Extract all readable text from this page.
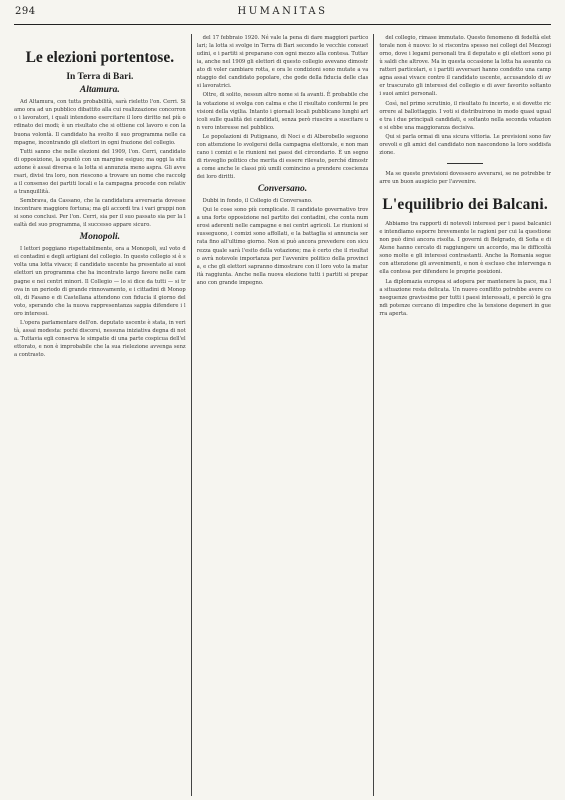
294	HUMANITAS
Le elezioni portentose.
In Terra di Bari.
Altamura.

Ad Altamura, con tutta probabilità, sarà rieletto l'on. Cerri. Siamo ora ad un pubblico dibattito alla cui realizzazione concorrono i lavoratori, i quali intendono esercitare il loro diritto nel più ordinato dei modi; è un risultato che si ottiene col lavoro e con la buona volontà. Il candidato ha svolto il suo programma nelle campagne, incontrando gli elettori in ogni frazione del collegio.

Tutti sanno che nelle elezioni del 1909, l'on. Cerri, candidato di opposizione, la spuntò con un margine esiguo; ma oggi la situazione è assai diversa e la lotta si annunzia meno aspra. Gli avversari, divisi tra loro, non riescono a trovare un nome che raccolga il consenso dei partiti locali e la campagna procede con relativa tranquillità.

Sembrava, da Cassano, che la candidatura avversaria dovesse incontrare maggiore fortuna; ma gli accordi tra i vari gruppi non si sono conclusi. Per l'on. Cerri, sia per il suo passato sia per la lealtà del suo programma, il successo appare sicuro.

Monopoli.

I lettori poggiano rispettabilmente, ora a Monopoli, sul voto dei contadini e degli artigiani del collegio. In questo collegio si è svolta una lotta vivace; il candidato uscente ha presentato ai suoi elettori un programma che ha incontrato largo favore nelle campagne e nei centri minori. Il Collegio — lo si dice da tutti — si trova in un periodo di grande rinnovamento, e i cittadini di Monopoli, di Fasano e di Castellana attendono con fiducia il giorno del voto, sperando che la nuova rappresentanza sappia difendere i loro interessi.

L'opera parlamentare dell'on. deputato uscente è stata, in verità, assai modesta: pochi discorsi, nessuna iniziativa degna di nota. Tuttavia egli conserva le simpatie di una parte cospicua dell'elettorato, e non è improbabile che la sua rielezione avvenga senza contrasto.

del 17 febbraio 1920. Né vale la pena di dare maggiori particolari; la lotta si svolge in Terra di Bari secondo le vecchie consuetudini, e i partiti si preparano con ogni mezzo alla contesa. Tuttavia, anche nel 1909 gli elettori di questo collegio avevano dimostrato di voler cambiare rotta, e ora le condizioni sono mutate a vantaggio del candidato popolare, che gode della fiducia delle classi lavoratrici.

Oltre, di solito, nessun altro nome si fa avanti. È probabile che la votazione si svolga con calma e che il risultato confermi le previsioni della vigilia. Intanto i giornali locali pubblicano lunghi articoli sulle qualità dei candidati, senza però riuscire a suscitare un vero interesse nel pubblico.

Le popolazioni di Putignano, di Noci e di Alberobello seguono con attenzione lo svolgersi della campagna elettorale, e non mancano i comizi e le riunioni nei paesi del circondario. È un segno di risveglio politico che merita di essere rilevato, perché dimostra come anche le classi più umili comincino a prendere coscienza dei loro diritti.

Conversano.

Dubbi in fondo, il Collegio di Conversano.

Qui le cose sono più complicate. Il candidato governativo trova una forte opposizione nel partito dei contadini, che conta numerosi aderenti nelle campagne e nei centri agricoli. Le riunioni si susseguono, i comizi sono affollati, e la battaglia si annuncia serrata fino all'ultimo giorno. Non si può ancora prevedere con sicurezza quale sarà l'esito della votazione; ma è certo che il risultato avrà notevole importanza per l'avvenire politico della provincia, e che gli elettori sapranno dimostrare con il loro voto la maturità raggiunta. Anche nella nuova elezione tutti i partiti si preparano con grande impegno.

del collegio, rimase immutato. Questo fenomeno di fedeltà elettorale non è nuovo: lo si riscontra spesso nei collegi del Mezzogiorno, dove i legami personali tra il deputato e gli elettori sono più saldi che altrove. Ma in questa occasione la lotta ha assunto caratteri particolari, e i partiti avversari hanno condotto una campagna assai vivace contro il candidato uscente, accusandolo di aver trascurato gli interessi del collegio e di aver favorito soltanto i suoi amici personali.

Così, nel primo scrutinio, il risultato fu incerto, e si dovette ricorrere al ballottaggio. I voti si distribuirono in modo quasi uguale tra i due principali candidati, e soltanto nella seconda votazione si ebbe una maggioranza decisiva.

Qui si parla ormai di una sicura vittoria. Le previsioni sono favorevoli e gli amici del candidato non nascondono la loro soddisfazione.

Ma se queste previsioni dovessero avverarsi, se ne potrebbe trarre un buon auspicio per l'avvenire.

L'equilibrio dei Balcani.

Abbiamo tra rapporti di notevoli interessi per i paesi balcanici e intendiamo esporre brevemente le ragioni per cui la questione non può dirsi ancora risolta. I governi di Belgrado, di Sofia e di Atene hanno cercato di raggiungere un accordo, ma le difficoltà sono molte e gli interessi contrastanti. Anche la Romania segue con attenzione gli avvenimenti, e non è escluso che intervenga nella contesa per difendere le proprie posizioni.

La diplomazia europea si adopera per mantenere la pace, ma la situazione resta delicata. Un nuovo conflitto potrebbe avere conseguenze gravissime per tutti i paesi interessati, e perciò le grandi potenze cercano di impedire che la tensione degeneri in guerra aperta.
